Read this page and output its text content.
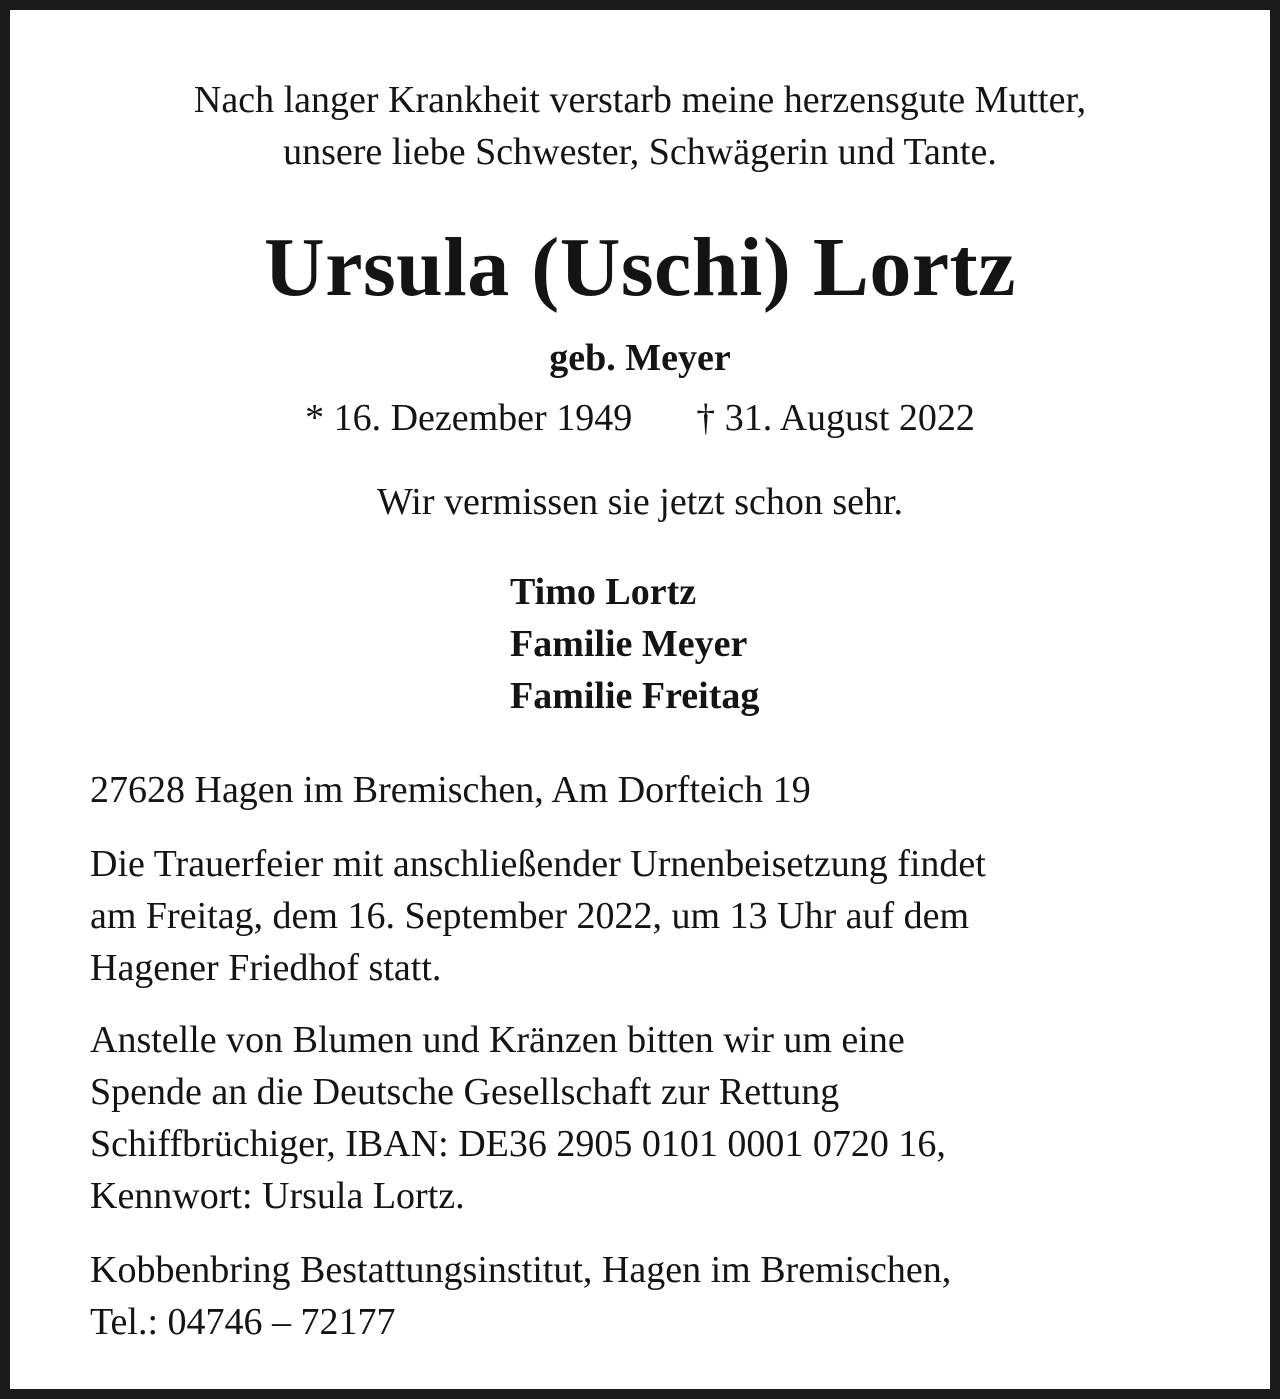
Nach langer Krankheit verstarb meine herzensgute Mutter,
unsere liebe Schwester, Schwägerin und Tante.
Ursula (Uschi) Lortz
geb. Meyer
* 16. Dezember 1949 † 31. August 2022
Wir vermissen sie jetzt schon sehr.
Timo Lortz
Familie Meyer
Familie Freitag
27628 Hagen im Bremischen, Am Dorfteich 19
Die Trauerfeier mit anschließender Urnenbeisetzung findet
am Freitag, dem 16. September 2022, um 13 Uhr auf dem
Hagener Friedhof statt.
Anstelle von Blumen und Kränzen bitten wir um eine
Spende an die Deutsche Gesellschaft zur Rettung
Schiffbrüchiger, IBAN: DE36 2905 0101 0001 0720 16,
Kennwort: Ursula Lortz.
Kobbenbring Bestattungsinstitut, Hagen im Bremischen,
Tel.: 04746 – 72177
